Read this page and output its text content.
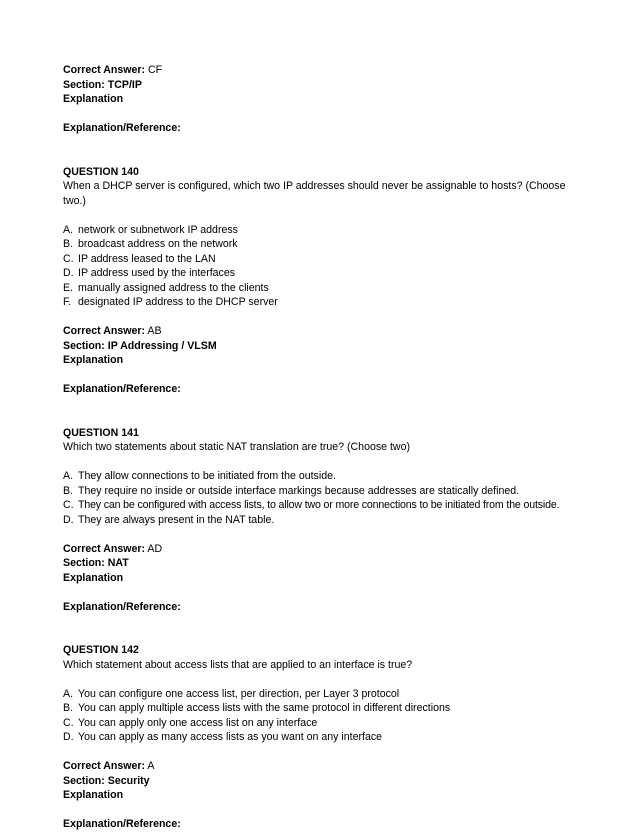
Correct Answer: CF
Section: TCP/IP
Explanation
Explanation/Reference:
QUESTION 140
When a DHCP server is configured, which two IP addresses should never be assignable to hosts? (Choose two.)
A. network or subnetwork IP address
B. broadcast address on the network
C. IP address leased to the LAN
D. IP address used by the interfaces
E. manually assigned address to the clients
F. designated IP address to the DHCP server
Correct Answer: AB
Section: IP Addressing / VLSM
Explanation
Explanation/Reference:
QUESTION 141
Which two statements about static NAT translation are true? (Choose two)
A. They allow connections to be initiated from the outside.
B. They require no inside or outside interface markings because addresses are statically defined.
C. They can be configured with access lists, to allow two or more connections to be initiated from the outside.
D. They are always present in the NAT table.
Correct Answer: AD
Section: NAT
Explanation
Explanation/Reference:
QUESTION 142
Which statement about access lists that are applied to an interface is true?
A. You can configure one access list, per direction, per Layer 3 protocol
B. You can apply multiple access lists with the same protocol in different directions
C. You can apply only one access list on any interface
D. You can apply as many access lists as you want on any interface
Correct Answer: A
Section: Security
Explanation
Explanation/Reference:
